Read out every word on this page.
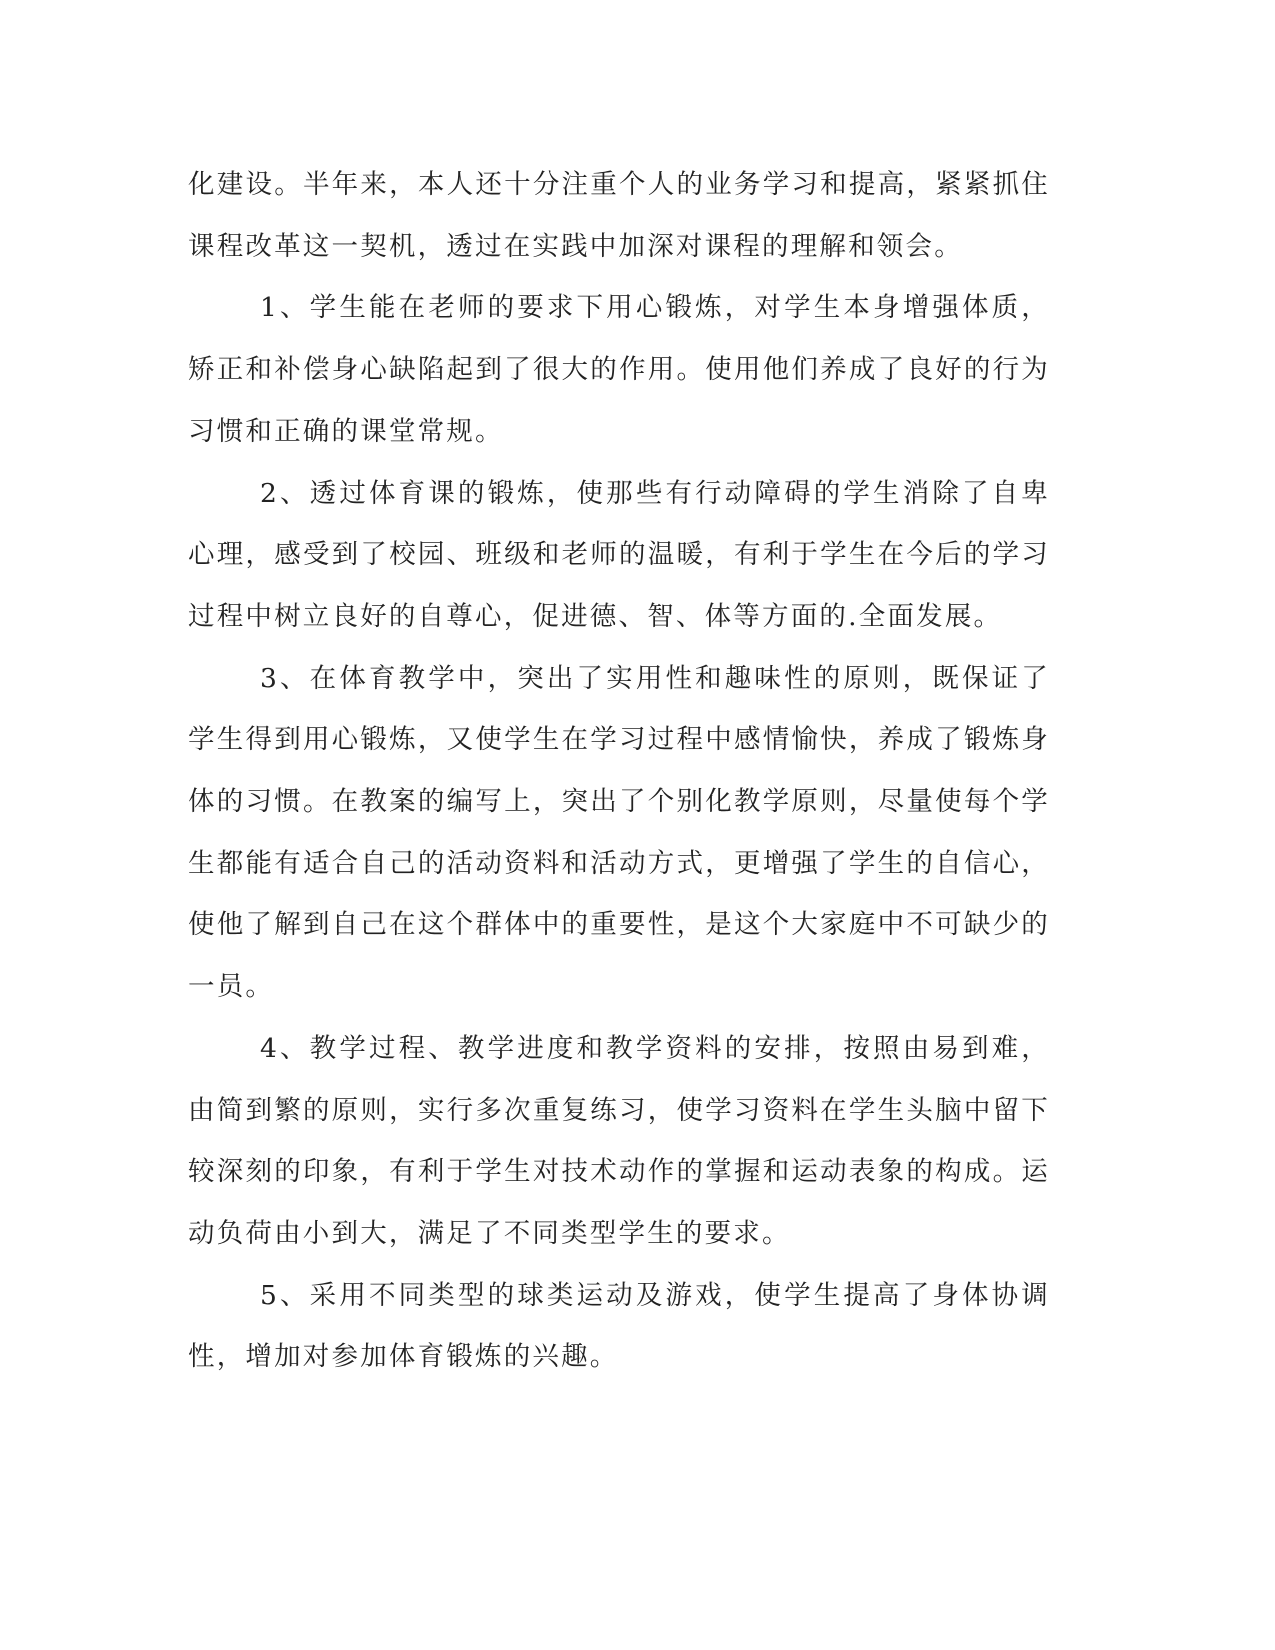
化建设。半年来，本人还十分注重个人的业务学习和提高，紧紧抓住课程改革这一契机，透过在实践中加深对课程的理解和领会。

1、学生能在老师的要求下用心锻炼，对学生本身增强体质，矫正和补偿身心缺陷起到了很大的作用。使用他们养成了良好的行为习惯和正确的课堂常规。

2、透过体育课的锻炼，使那些有行动障碍的学生消除了自卑心理，感受到了校园、班级和老师的温暖，有利于学生在今后的学习过程中树立良好的自尊心，促进德、智、体等方面的.全面发展。

3、在体育教学中，突出了实用性和趣味性的原则，既保证了学生得到用心锻炼，又使学生在学习过程中感情愉快，养成了锻炼身体的习惯。在教案的编写上，突出了个别化教学原则，尽量使每个学生都能有适合自己的活动资料和活动方式，更增强了学生的自信心，使他了解到自己在这个群体中的重要性，是这个大家庭中不可缺少的一员。

4、教学过程、教学进度和教学资料的安排，按照由易到难，由简到繁的原则，实行多次重复练习，使学习资料在学生头脑中留下较深刻的印象，有利于学生对技术动作的掌握和运动表象的构成。运动负荷由小到大，满足了不同类型学生的要求。

5、采用不同类型的球类运动及游戏，使学生提高了身体协调性，增加对参加体育锻炼的兴趣。
